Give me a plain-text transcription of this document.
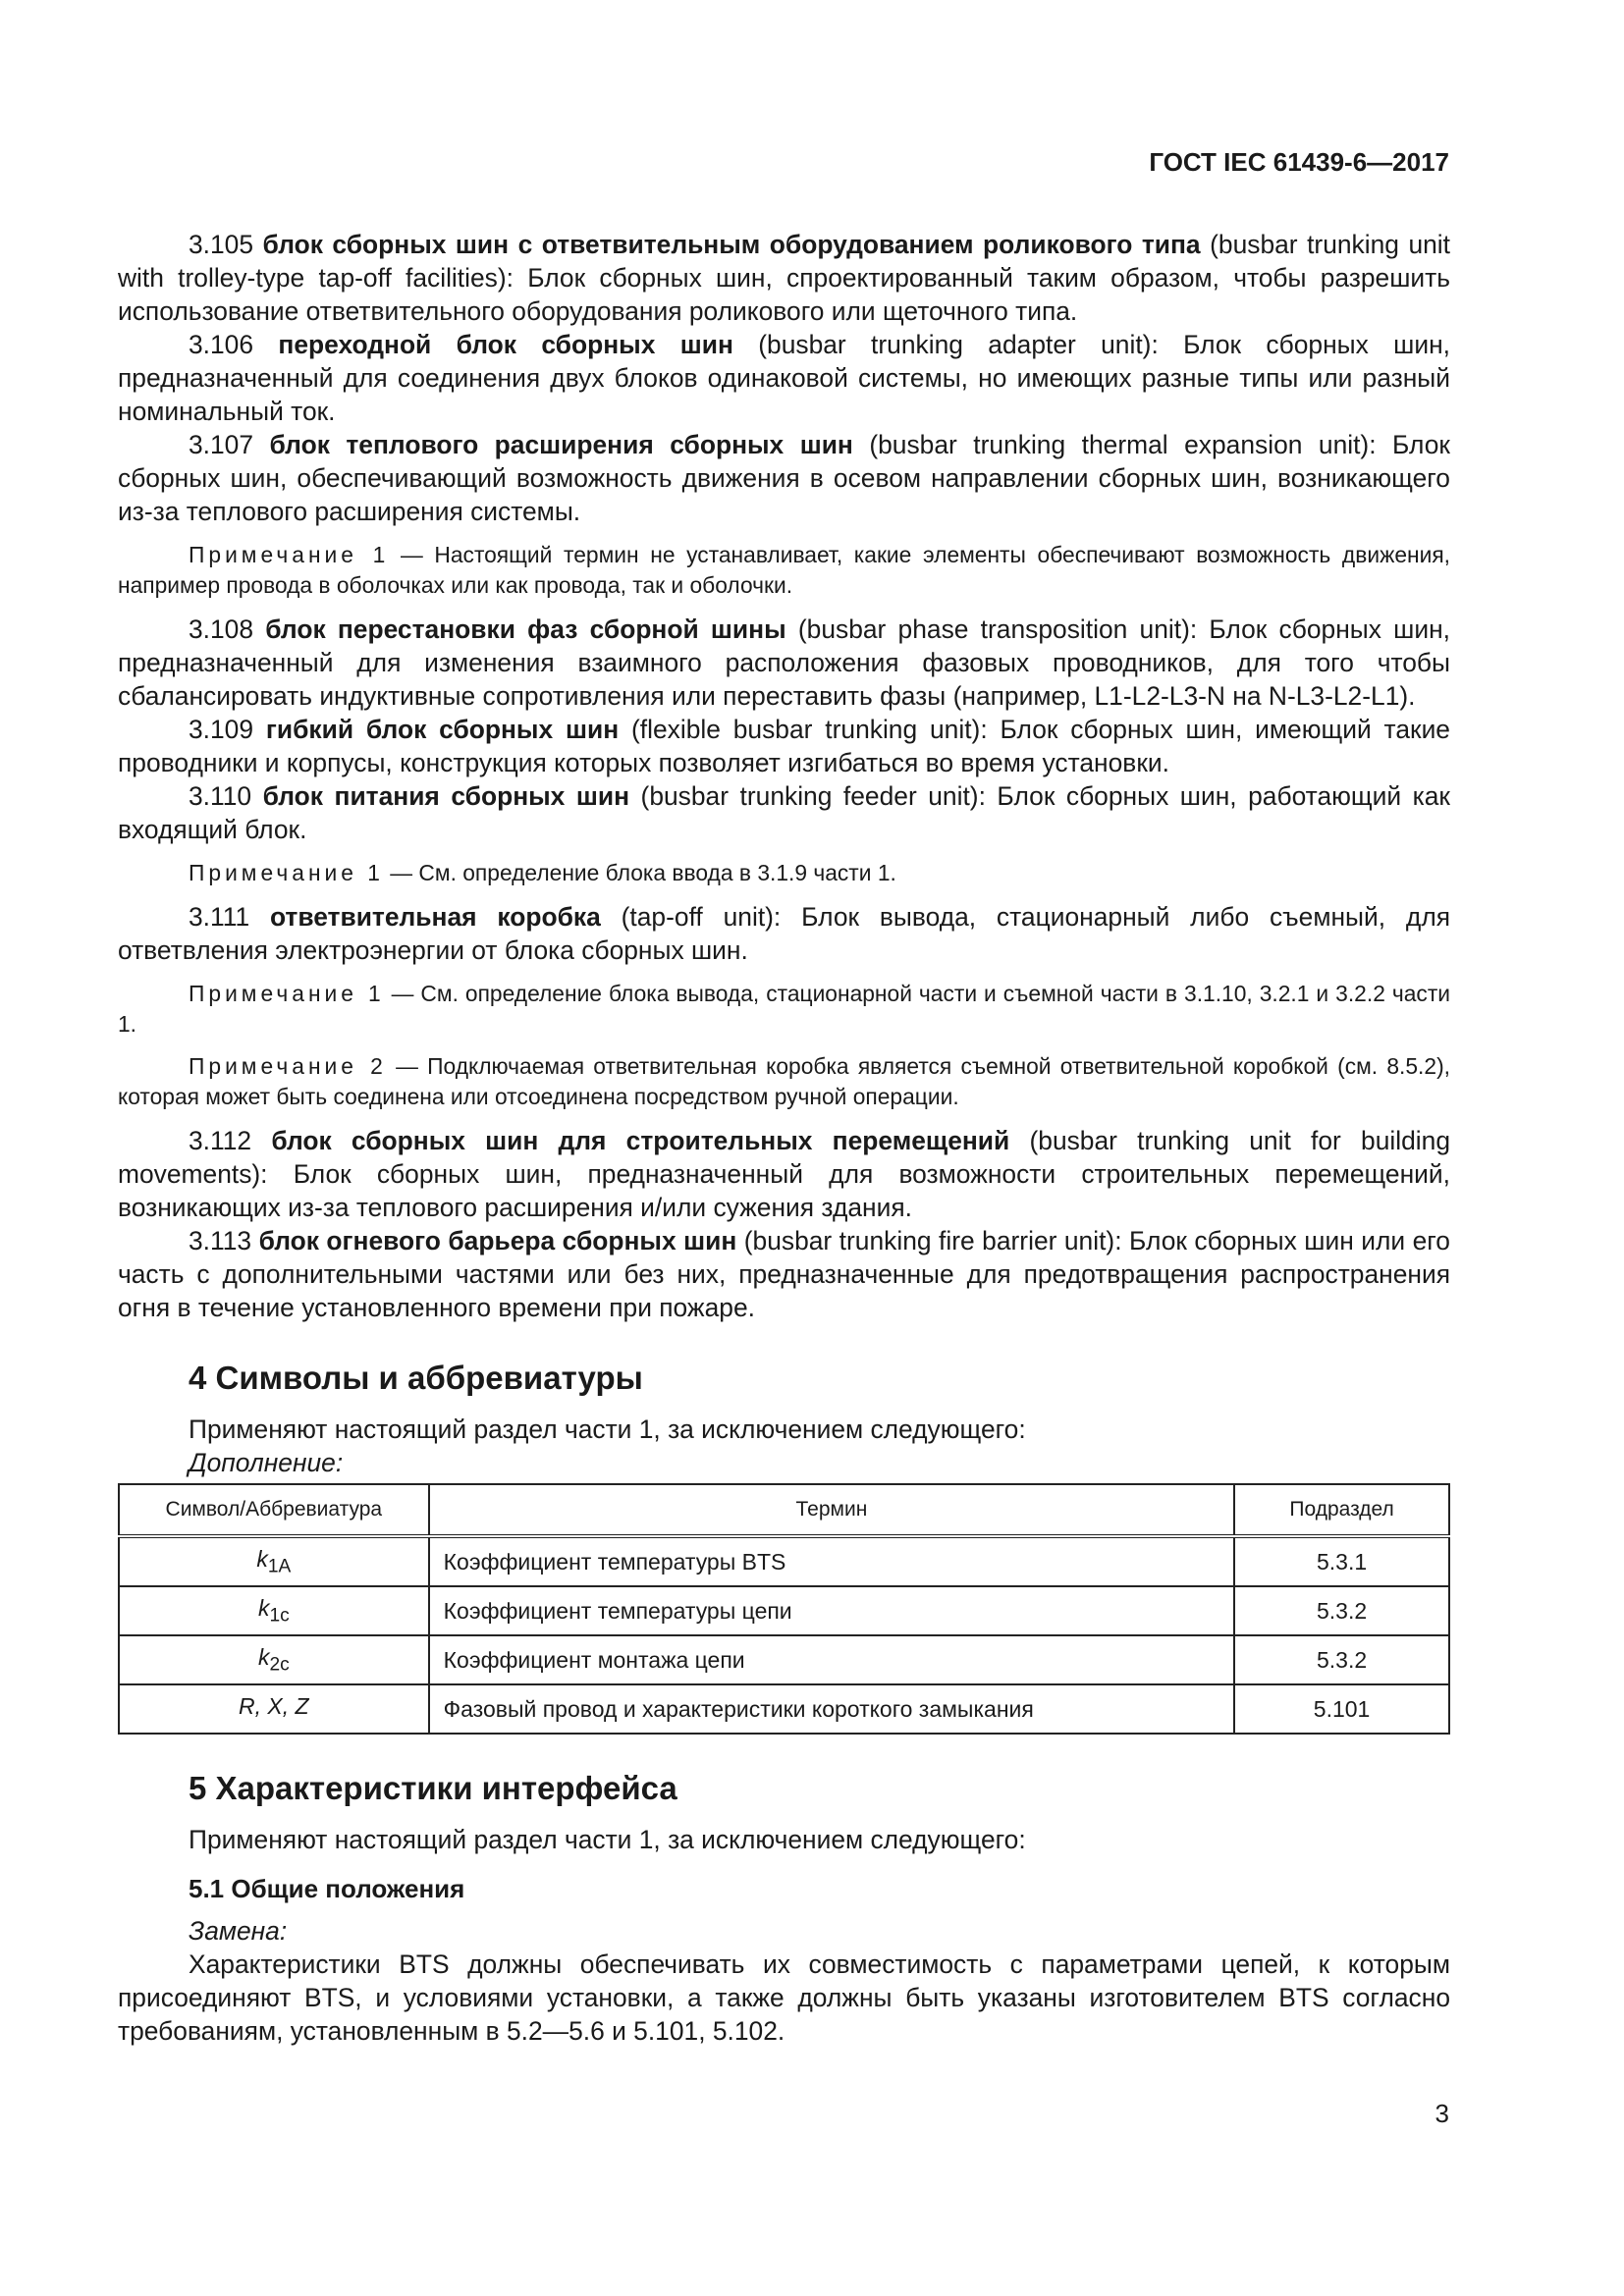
ГОСТ IEC 61439-6—2017

3.105 блок сборных шин с ответвительным оборудованием роликового типа (busbar trunking unit with trolley-type tap-off facilities): Блок сборных шин, спроектированный таким образом, чтобы разрешить использование ответвительного оборудования роликового или щеточного типа.

3.106 переходной блок сборных шин (busbar trunking adapter unit): Блок сборных шин, предназначенный для соединения двух блоков одинаковой системы, но имеющих разные типы или разный номинальный ток.

3.107 блок теплового расширения сборных шин (busbar trunking thermal expansion unit): Блок сборных шин, обеспечивающий возможность движения в осевом направлении сборных шин, возникающего из-за теплового расширения системы.

Примечание 1 — Настоящий термин не устанавливает, какие элементы обеспечивают возможность движения, например провода в оболочках или как провода, так и оболочки.

3.108 блок перестановки фаз сборной шины (busbar phase transposition unit): Блок сборных шин, предназначенный для изменения взаимного расположения фазовых проводников, для того чтобы сбалансировать индуктивные сопротивления или переставить фазы (например, L1-L2-L3-N на N-L3-L2-L1).

3.109 гибкий блок сборных шин (flexible busbar trunking unit): Блок сборных шин, имеющий такие проводники и корпусы, конструкция которых позволяет изгибаться во время установки.

3.110 блок питания сборных шин (busbar trunking feeder unit): Блок сборных шин, работающий как входящий блок.

Примечание 1 — См. определение блока ввода в 3.1.9 части 1.

3.111 ответвительная коробка (tap-off unit): Блок вывода, стационарный либо съемный, для ответвления электроэнергии от блока сборных шин.

Примечание 1 — См. определение блока вывода, стационарной части и съемной части в 3.1.10, 3.2.1 и 3.2.2 части 1.

Примечание 2 — Подключаемая ответвительная коробка является съемной ответвительной коробкой (см. 8.5.2), которая может быть соединена или отсоединена посредством ручной операции.

3.112 блок сборных шин для строительных перемещений (busbar trunking unit for building movements): Блок сборных шин, предназначенный для возможности строительных перемещений, возникающих из-за теплового расширения и/или сужения здания.

3.113 блок огневого барьера сборных шин (busbar trunking fire barrier unit): Блок сборных шин или его часть с дополнительными частями или без них, предназначенные для предотвращения распространения огня в течение установленного времени при пожаре.

4 Символы и аббревиатуры

Применяют настоящий раздел части 1, за исключением следующего:

Дополнение:

Символ/Аббревиатура	Термин	Подраздел
$k_{1A}$	Коэффициент температуры BTS	5.3.1
$k_{1c}$	Коэффициент температуры цепи	5.3.2
$k_{2c}$	Коэффициент монтажа цепи	5.3.2
R, X, Z	Фазовый провод и характеристики короткого замыкания	5.101
5 Характеристики интерфейса

Применяют настоящий раздел части 1, за исключением следующего:

5.1 Общие положения

Замена:

Характеристики BTS должны обеспечивать их совместимость с параметрами цепей, к которым присоединяют BTS, и условиями установки, а также должны быть указаны изготовителем BTS согласно требованиям, установленным в 5.2—5.6 и 5.101, 5.102.

3
